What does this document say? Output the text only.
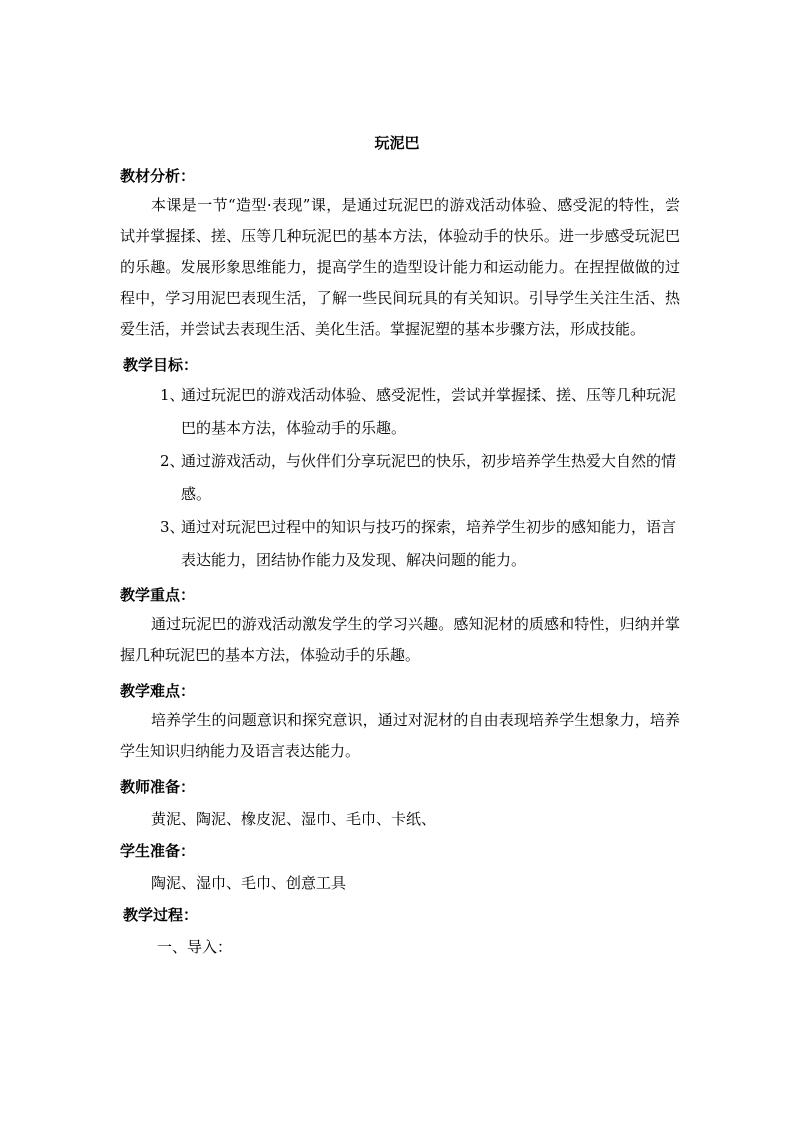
玩泥巴
教材分析：
本课是一节“造型·表现”课，是通过玩泥巴的游戏活动体验、感受泥的特性，尝试并掌握揉、搓、压等几种玩泥巴的基本方法，体验动手的快乐。进一步感受玩泥巴的乐趣。发展形象思维能力，提高学生的造型设计能力和运动能力。在捏捏做做的过程中，学习用泥巴表现生活，了解一些民间玩具的有关知识。引导学生关注生活、热爱生活，并尝试去表现生活、美化生活。掌握泥塑的基本步骤方法，形成技能。
教学目标：
1、
通过玩泥巴的游戏活动体验、感受泥性，尝试并掌握揉、搓、压等几种玩泥巴的基本方法，体验动手的乐趣。
2、
通过游戏活动，与伙伴们分享玩泥巴的快乐，初步培养学生热爱大自然的情感。
3、
通过对玩泥巴过程中的知识与技巧的探索，培养学生初步的感知能力，语言表达能力，团结协作能力及发现、解决问题的能力。
教学重点：
通过玩泥巴的游戏活动激发学生的学习兴趣。感知泥材的质感和特性，归纳并掌握几种玩泥巴的基本方法，体验动手的乐趣。
教学难点：
培养学生的问题意识和探究意识，通过对泥材的自由表现培养学生想象力，培养学生知识归纳能力及语言表达能力。
教师准备：
黄泥、陶泥、橡皮泥、湿巾、毛巾、卡纸、
学生准备：
陶泥、湿巾、毛巾、创意工具
教学过程：
一、导入：
